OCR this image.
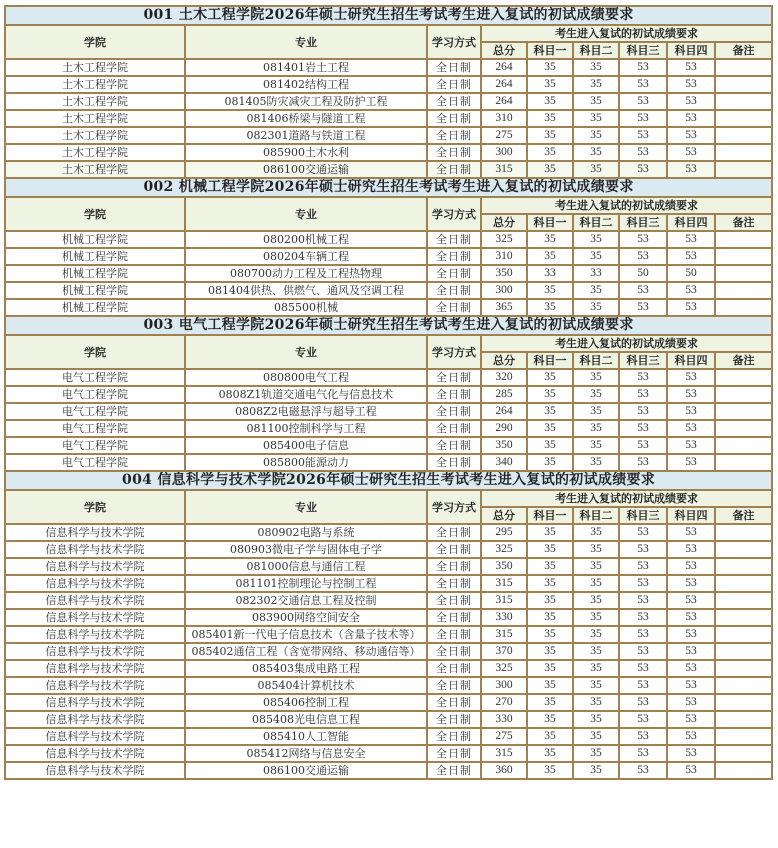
001 土木工程学院2026年硕士研究生招生考试考生进入复试的初试成绩要求								
学院	专业	学习方式	考生进入复试的初试成绩要求					
			总分	科目一	科目二	科目三	科目四	备注
土木工程学院	081401岩土工程	全日制	264	35	35	53	53	
土木工程学院	081402结构工程	全日制	264	35	35	53	53	
土木工程学院	081405防灾减灾工程及防护工程	全日制	264	35	35	53	53	
土木工程学院	081406桥梁与隧道工程	全日制	310	35	35	53	53	
土木工程学院	082301道路与铁道工程	全日制	275	35	35	53	53	
土木工程学院	085900土木水利	全日制	300	35	35	53	53	
土木工程学院	086100交通运输	全日制	315	35	35	53	53	
002 机械工程学院2026年硕士研究生招生考试考生进入复试的初试成绩要求								
学院	专业	学习方式	考生进入复试的初试成绩要求					
			总分	科目一	科目二	科目三	科目四	备注
机械工程学院	080200机械工程	全日制	325	35	35	53	53	
机械工程学院	080204车辆工程	全日制	310	35	35	53	53	
机械工程学院	080700动力工程及工程热物理	全日制	350	33	33	50	50	
机械工程学院	081404供热、供燃气、通风及空调工程	全日制	300	35	35	53	53	
机械工程学院	085500机械	全日制	365	35	35	53	53	
003 电气工程学院2026年硕士研究生招生考试考生进入复试的初试成绩要求								
学院	专业	学习方式	考生进入复试的初试成绩要求					
			总分	科目一	科目二	科目三	科目四	备注
电气工程学院	080800电气工程	全日制	320	35	35	53	53	
电气工程学院	0808Z1轨道交通电气化与信息技术	全日制	285	35	35	53	53	
电气工程学院	0808Z2电磁悬浮与超导工程	全日制	264	35	35	53	53	
电气工程学院	081100控制科学与工程	全日制	290	35	35	53	53	
电气工程学院	085400电子信息	全日制	350	35	35	53	53	
电气工程学院	085800能源动力	全日制	340	35	35	53	53	
004 信息科学与技术学院2026年硕士研究生招生考试考生进入复试的初试成绩要求								
学院	专业	学习方式	考生进入复试的初试成绩要求					
			总分	科目一	科目二	科目三	科目四	备注
信息科学与技术学院	080902电路与系统	全日制	295	35	35	53	53	
信息科学与技术学院	080903微电子学与固体电子学	全日制	325	35	35	53	53	
信息科学与技术学院	081000信息与通信工程	全日制	350	35	35	53	53	
信息科学与技术学院	081101控制理论与控制工程	全日制	315	35	35	53	53	
信息科学与技术学院	082302交通信息工程及控制	全日制	315	35	35	53	53	
信息科学与技术学院	083900网络空间安全	全日制	330	35	35	53	53	
信息科学与技术学院	085401新一代电子信息技术（含量子技术等）	全日制	315	35	35	53	53	
信息科学与技术学院	085402通信工程（含宽带网络、移动通信等）	全日制	370	35	35	53	53	
信息科学与技术学院	085403集成电路工程	全日制	325	35	35	53	53	
信息科学与技术学院	085404计算机技术	全日制	300	35	35	53	53	
信息科学与技术学院	085406控制工程	全日制	270	35	35	53	53	
信息科学与技术学院	085408光电信息工程	全日制	330	35	35	53	53	
信息科学与技术学院	085410人工智能	全日制	275	35	35	53	53	
信息科学与技术学院	085412网络与信息安全	全日制	315	35	35	53	53	
信息科学与技术学院	086100交通运输	全日制	360	35	35	53	53	
